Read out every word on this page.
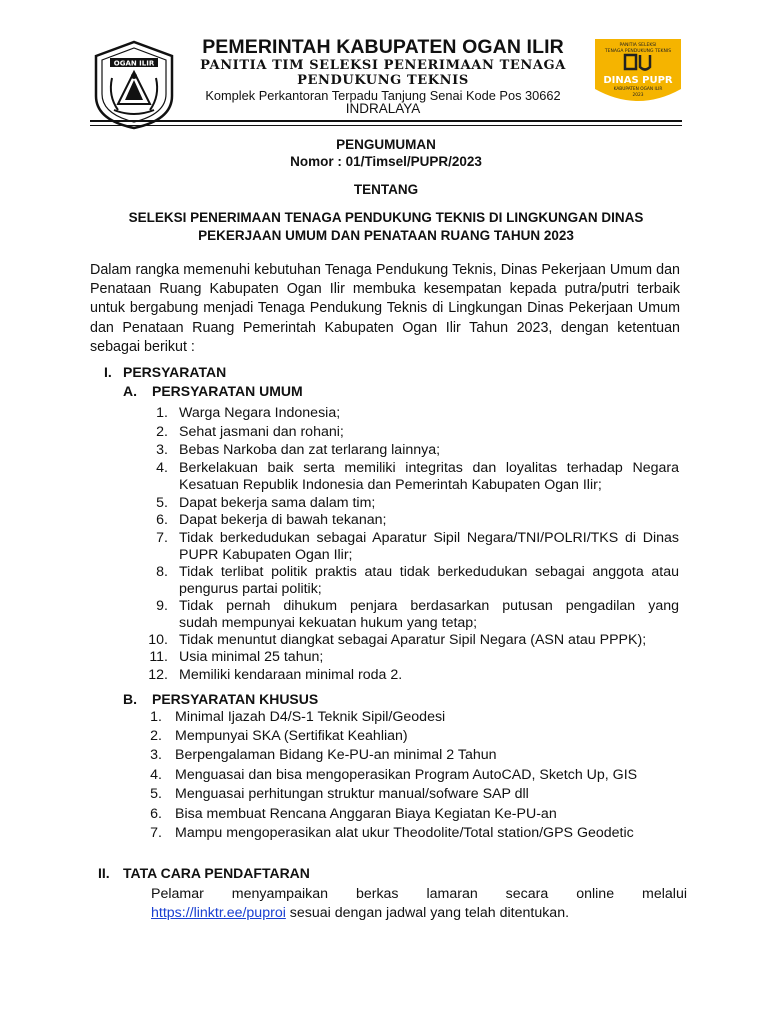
OGAN ILIR
PANITIA SELEKSI
TENAGA PENDUKUNG TEKNIS
DINAS PUPR
KABUPATEN OGAN ILIR
2023
PEMERINTAH KABUPATEN OGAN ILIR
PANITIA TIM SELEKSI PENERIMAAN TENAGA
PENDUKUNG TEKNIS
Komplek Perkantoran Terpadu Tanjung Senai Kode Pos 30662
INDRALAYA
PENGUMUMAN
Nomor : 01/Timsel/PUPR/2023
TENTANG
SELEKSI PENERIMAAN TENAGA PENDUKUNG TEKNIS DI LINGKUNGAN DINAS
PEKERJAAN UMUM DAN PENATAAN RUANG TAHUN 2023
Dalam rangka memenuhi kebutuhan Tenaga Pendukung Teknis, Dinas Pekerjaan Umum dan Penataan Ruang Kabupaten Ogan Ilir membuka kesempatan kepada putra/putri terbaik untuk bergabung menjadi Tenaga Pendukung Teknis di Lingkungan Dinas Pekerjaan Umum dan Penataan Ruang Pemerintah Kabupaten Ogan Ilir Tahun 2023, dengan ketentuan sebagai berikut :
I. PERSYARATAN
A. PERSYARATAN UMUM
1. Warga Negara Indonesia;
2. Sehat jasmani dan rohani;
3. Bebas Narkoba dan zat terlarang lainnya;
4. Berkelakuan baik serta memiliki integritas dan loyalitas terhadap Negara
Kesatuan Republik Indonesia dan Pemerintah Kabupaten Ogan Ilir;
5. Dapat bekerja sama dalam tim;
6. Dapat bekerja di bawah tekanan;
7. Tidak berkedudukan sebagai Aparatur Sipil Negara/TNI/POLRI/TKS di Dinas
PUPR Kabupaten Ogan Ilir;
8. Tidak terlibat politik praktis atau tidak berkedudukan sebagai anggota atau
pengurus partai politik;
9. Tidak pernah dihukum penjara berdasarkan putusan pengadilan yang
sudah mempunyai kekuatan hukum yang tetap;
10. Tidak menuntut diangkat sebagai Aparatur Sipil Negara (ASN atau PPPK);
11. Usia minimal 25 tahun;
12. Memiliki kendaraan minimal roda 2.
B. PERSYARATAN KHUSUS
1. Minimal Ijazah D4/S-1 Teknik Sipil/Geodesi
2. Mempunyai SKA (Sertifikat Keahlian)
3. Berpengalaman Bidang Ke-PU-an minimal 2 Tahun
4. Menguasai dan bisa mengoperasikan Program AutoCAD, Sketch Up, GIS
5. Menguasai perhitungan struktur manual/sofware SAP dll
6. Bisa membuat Rencana Anggaran Biaya Kegiatan Ke-PU-an
7. Mampu mengoperasikan alat ukur Theodolite/Total station/GPS Geodetic
II. TATA CARA PENDAFTARAN
Pelamar menyampaikan berkas lamaran secara online melalui
https://linktr.ee/puproi sesuai dengan jadwal yang telah ditentukan.
